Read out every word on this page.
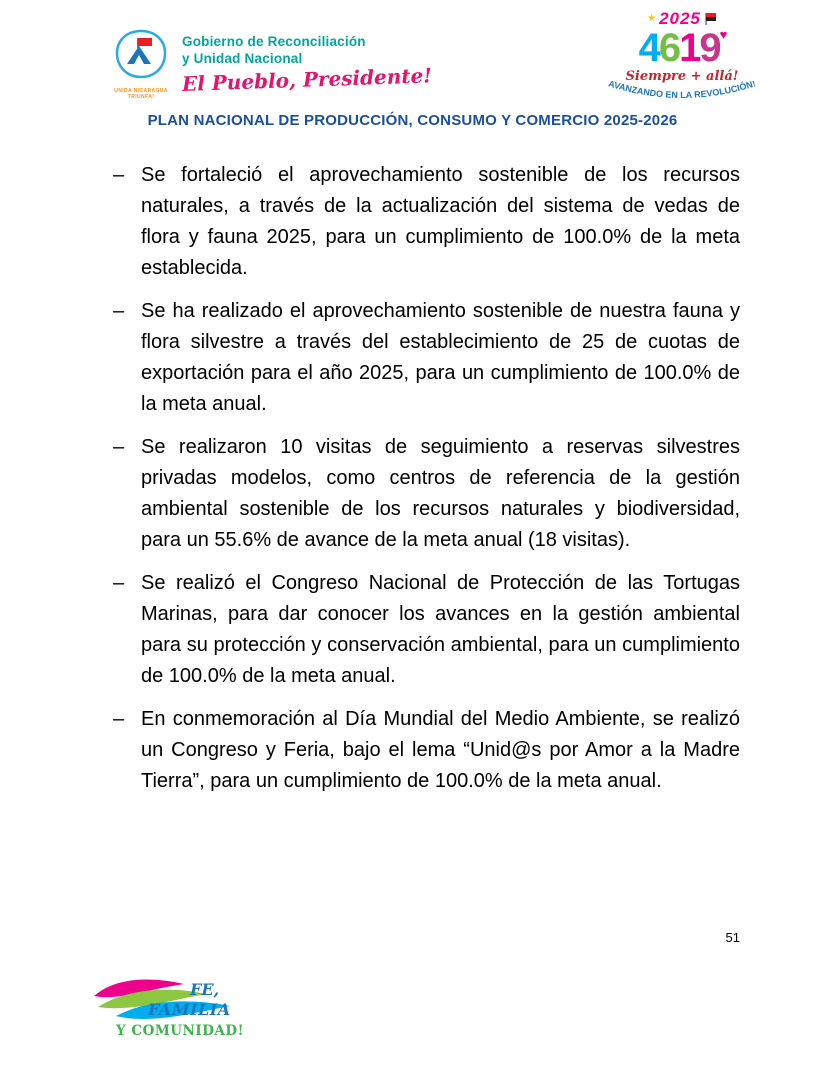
UNIDA NICARAGUA TRIUNFA!
Gobierno de Reconciliación
y Unidad Nacional
El Pueblo, Presidente!
★ 2025
4619♥
Siempre + allá!
AVANZANDO EN LA REVOLUCIÓN!
PLAN NACIONAL DE PRODUCCIÓN, CONSUMO Y COMERCIO 2025-2026
– Se fortaleció el aprovechamiento sostenible de los recursos naturales, a través de la actualización del sistema de vedas de flora y fauna 2025, para un cumplimiento de 100.0% de la meta establecida.
– Se ha realizado el aprovechamiento sostenible de nuestra fauna y flora silvestre a través del establecimiento de 25 de cuotas de exportación para el año 2025, para un cumplimiento de 100.0% de la meta anual.
– Se realizaron 10 visitas de seguimiento a reservas silvestres privadas modelos, como centros de referencia de la gestión ambiental sostenible de los recursos naturales y biodiversidad, para un 55.6% de avance de la meta anual (18 visitas).
– Se realizó el Congreso Nacional de Protección de las Tortugas Marinas, para dar conocer los avances en la gestión ambiental para su protección y conservación ambiental, para un cumplimiento de 100.0% de la meta anual.
– En conmemoración al Día Mundial del Medio Ambiente, se realizó un Congreso y Feria, bajo el lema “Unid@s por Amor a la Madre Tierra”, para un cumplimiento de 100.0% de la meta anual.
51
FE,
FAMILIA
Y COMUNIDAD!
